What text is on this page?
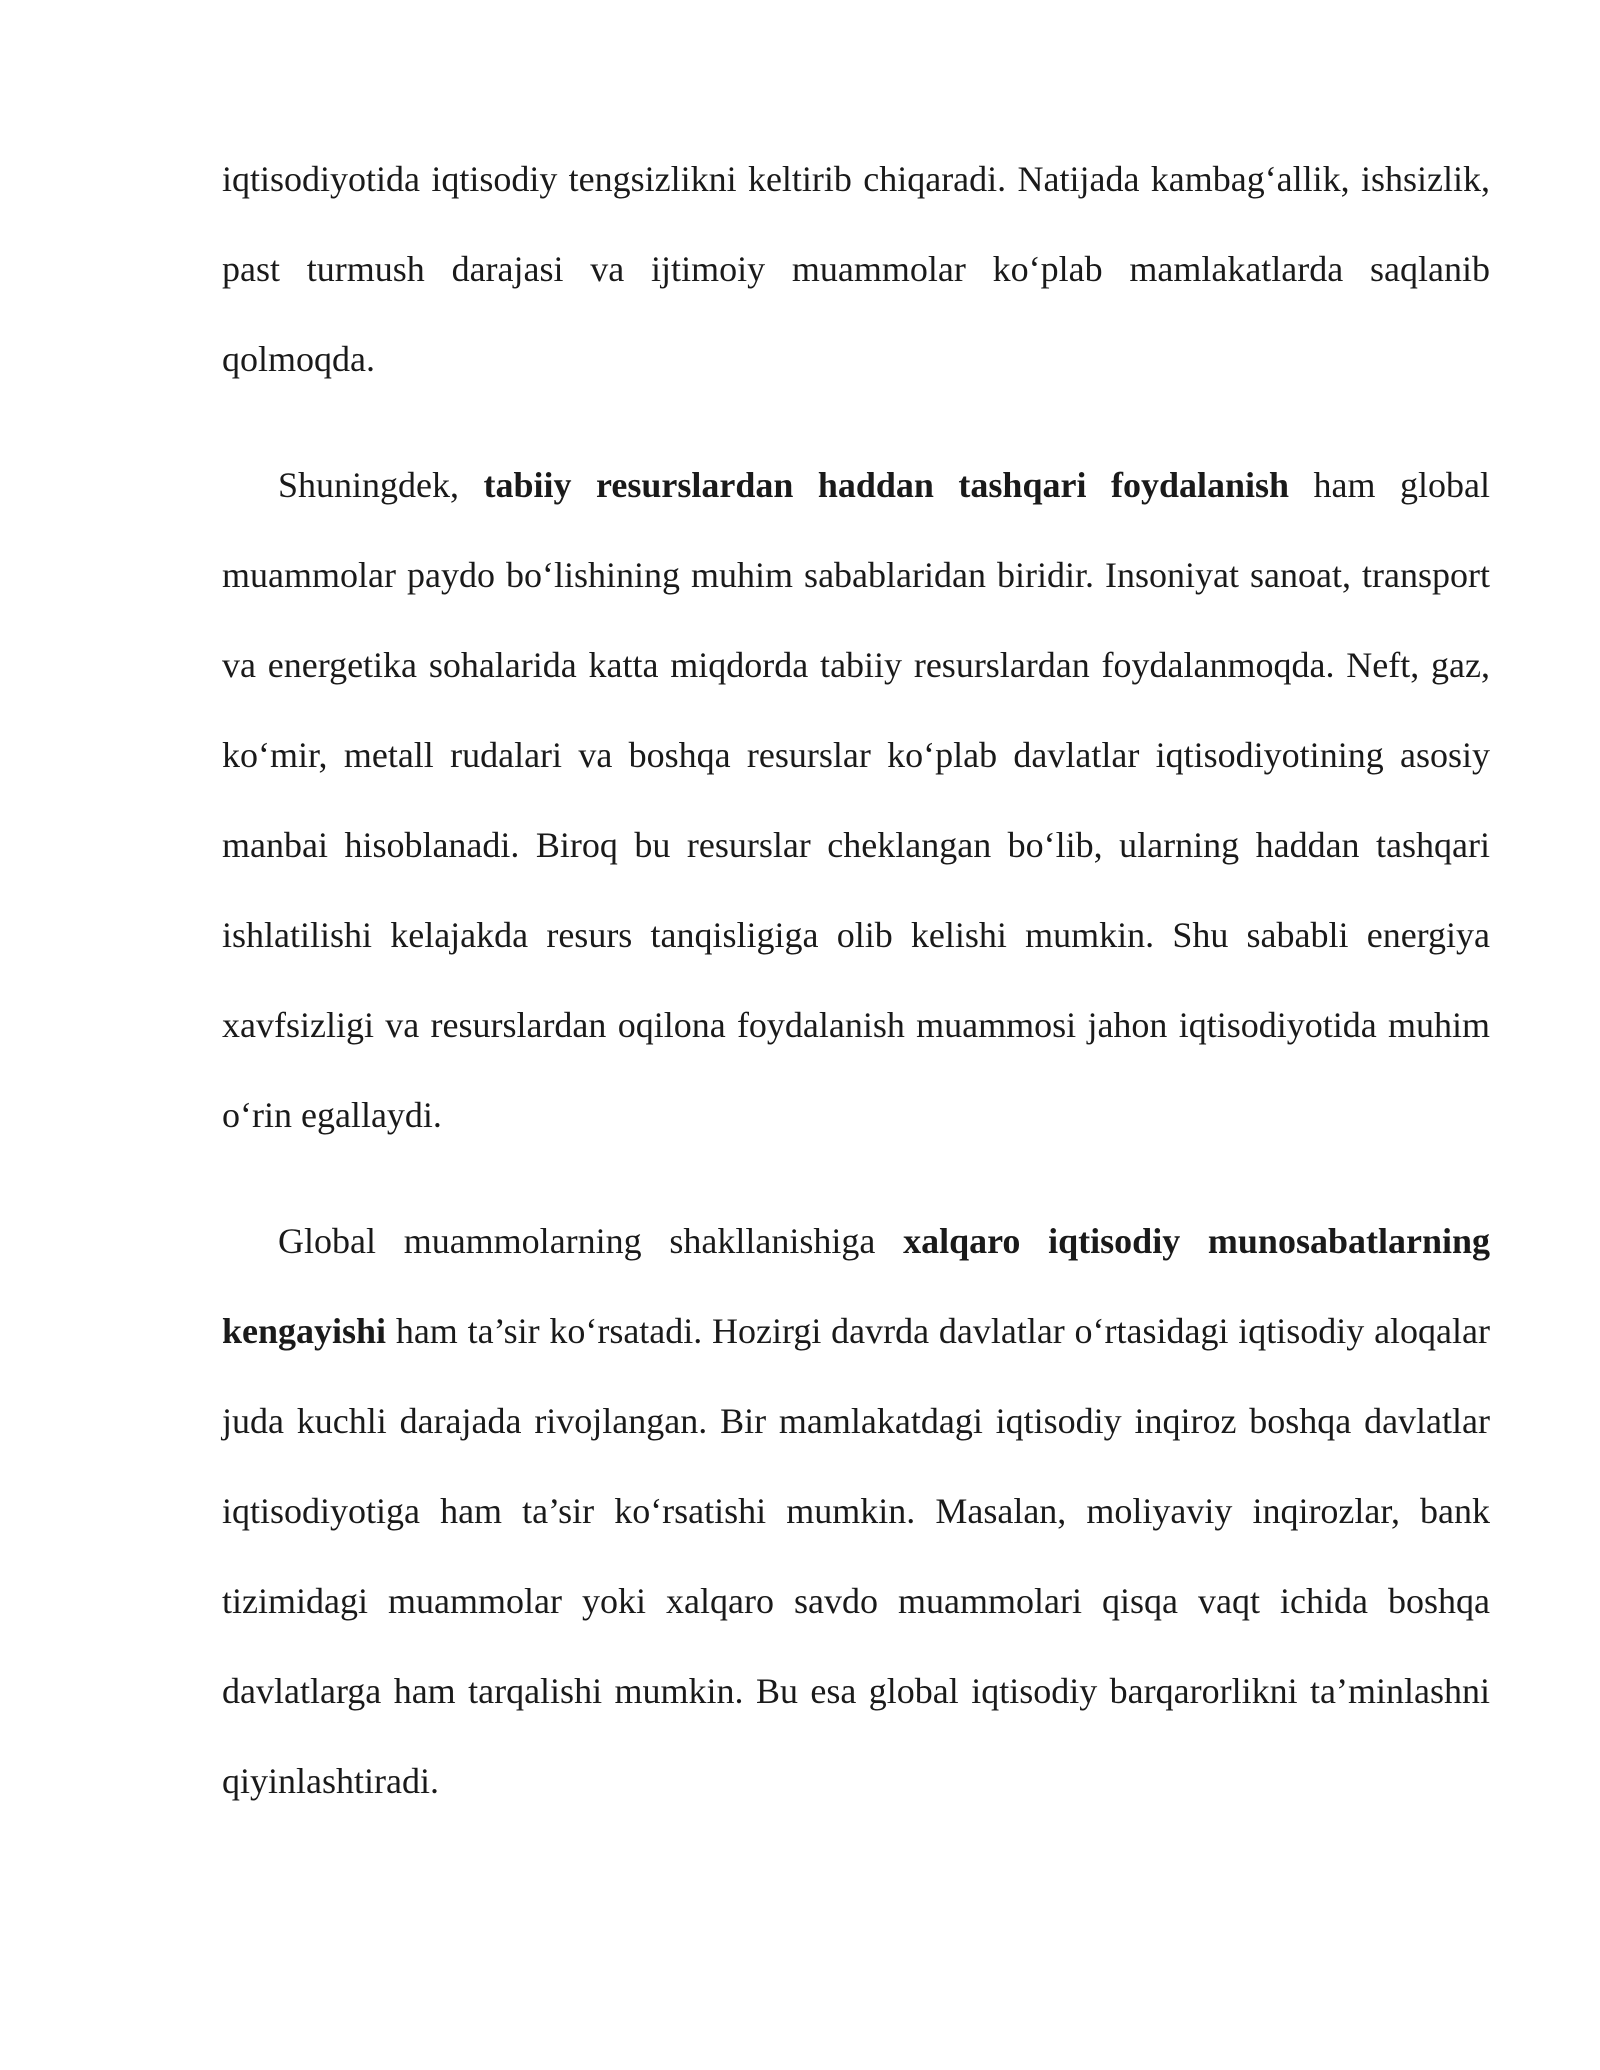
iqtisodiyotida iqtisodiy tengsizlikni keltirib chiqaradi. Natijada kambag‘allik, ishsizlik, past turmush darajasi va ijtimoiy muammolar ko‘plab mamlakatlarda saqlanib qolmoqda.

Shuningdek, tabiiy resurslardan haddan tashqari foydalanish ham global muammolar paydo bo‘lishining muhim sabablaridan biridir. Insoniyat sanoat, transport va energetika sohalarida katta miqdorda tabiiy resurslardan foydalanmoqda. Neft, gaz, ko‘mir, metall rudalari va boshqa resurslar ko‘plab davlatlar iqtisodiyotining asosiy manbai hisoblanadi. Biroq bu resurslar cheklangan bo‘lib, ularning haddan tashqari ishlatilishi kelajakda resurs tanqisligiga olib kelishi mumkin. Shu sababli energiya xavfsizligi va resurslardan oqilona foydalanish muammosi jahon iqtisodiyotida muhim o‘rin egallaydi.

Global muammolarning shakllanishiga xalqaro iqtisodiy munosabatlarning kengayishi ham ta’sir ko‘rsatadi. Hozirgi davrda davlatlar o‘rtasidagi iqtisodiy aloqalar juda kuchli darajada rivojlangan. Bir mamlakatdagi iqtisodiy inqiroz boshqa davlatlar iqtisodiyotiga ham ta’sir ko‘rsatishi mumkin. Masalan, moliyaviy inqirozlar, bank tizimidagi muammolar yoki xalqaro savdo muammolari qisqa vaqt ichida boshqa davlatlarga ham tarqalishi mumkin. Bu esa global iqtisodiy barqarorlikni ta’minlashni qiyinlashtiradi.
